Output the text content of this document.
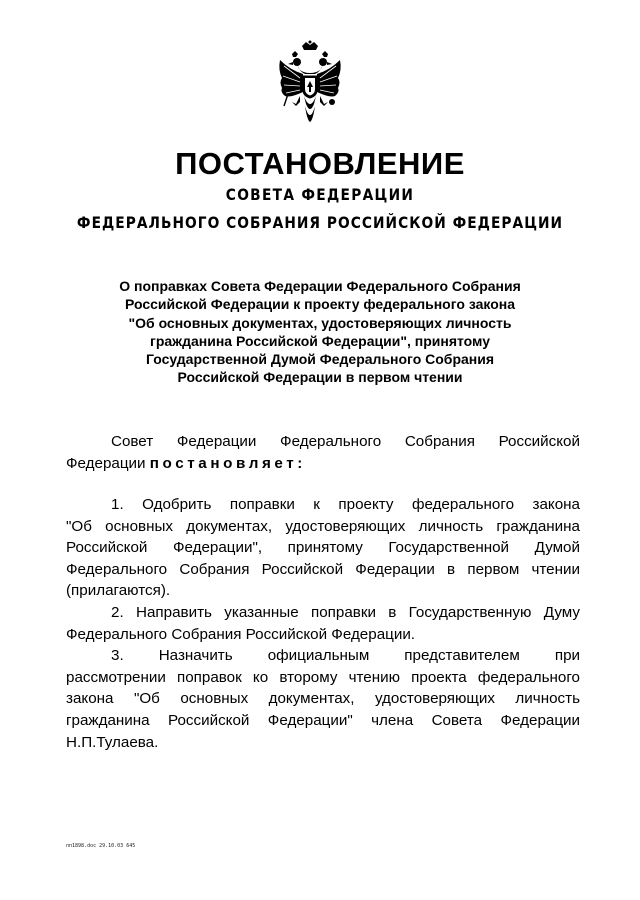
ПОСТАНОВЛЕНИЕ
СОВЕТА ФЕДЕРАЦИИ
ФЕДЕРАЛЬНОГО СОБРАНИЯ РОССИЙСКОЙ ФЕДЕРАЦИИ
О поправках Совета Федерации Федерального Собрания
Российской Федерации к проекту федерального закона
"Об основных документах, удостоверяющих личность
гражданина Российской Федерации", принятому
Государственной Думой Федерального Собрания
Российской Федерации в первом чтении
Совет Федерации Федерального Собрания Российской
Федерации постановляет:
1. Одобрить поправки к проекту федерального закона
"Об основных документах, удостоверяющих личность гражданина
Российской Федерации", принятому Государственной Думой
Федерального Собрания Российской Федерации в первом чтении
(прилагаются).
2. Направить указанные поправки в Государственную Думу
Федерального Собрания Российской Федерации.
3. Назначить официальным представителем при
рассмотрении поправок ко второму чтению проекта федерального
закона "Об основных документах, удостоверяющих личность
гражданина Российской Федерации" члена Совета Федерации
Н.П.Тулаева.
пп1898.doc 29.10.03 645
